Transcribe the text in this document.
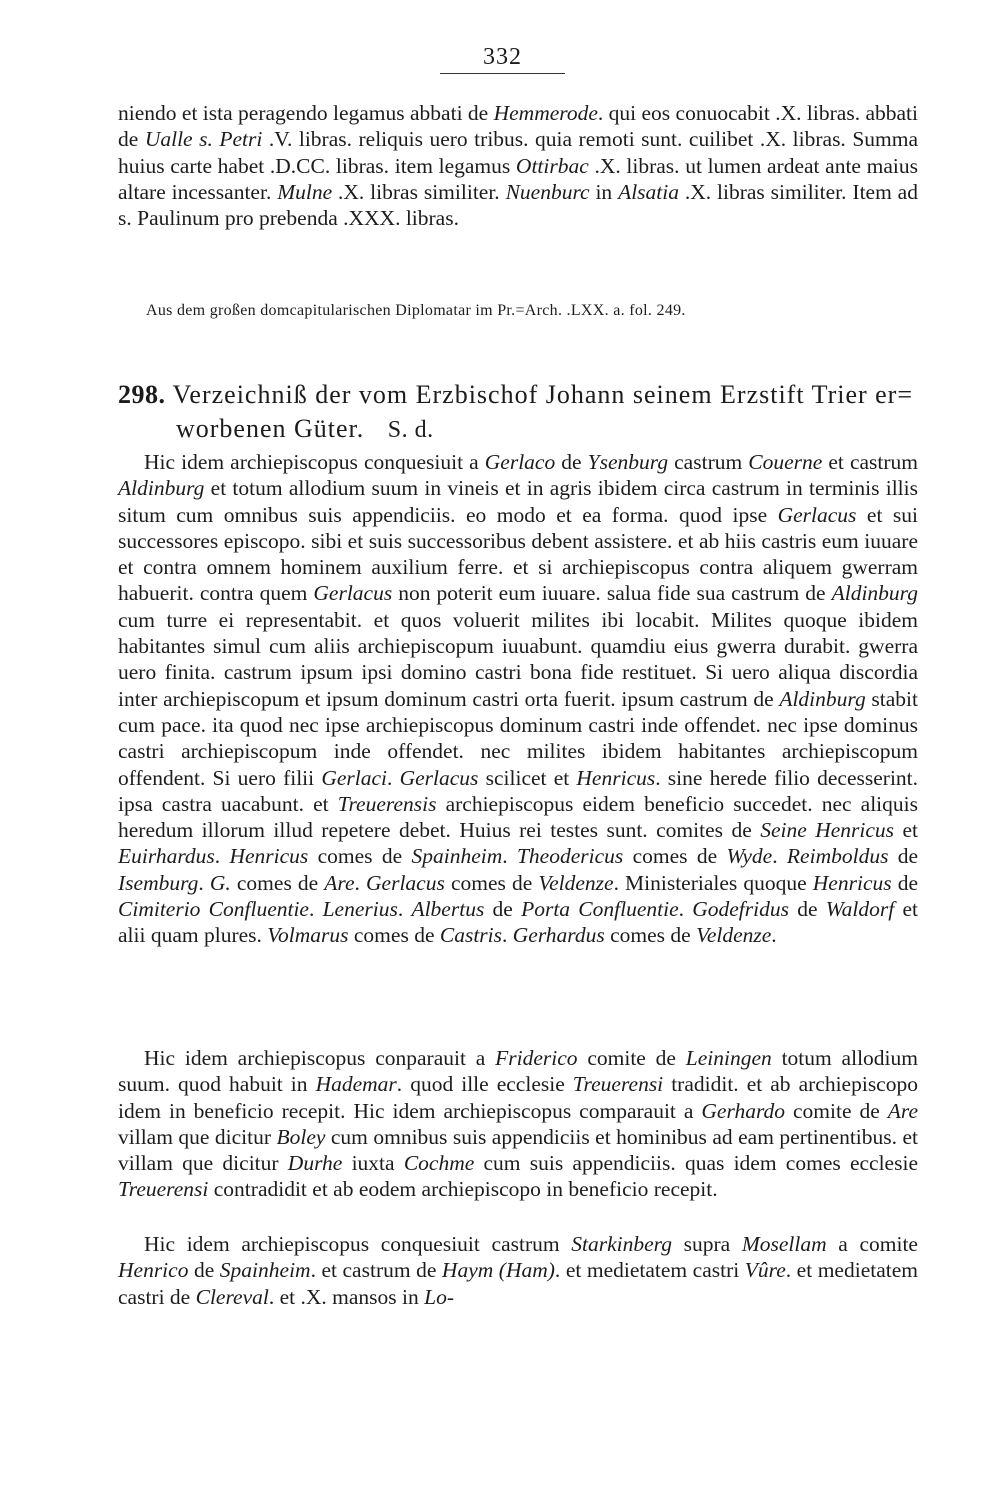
332

niendo et ista peragendo legamus abbati de Hemmerode. qui eos conuocabit .X. libras. abbati de Ualle s. Petri .V. libras. reliquis uero tribus. quia remoti sunt. cuilibet .X. libras. Summa huius carte habet .D.CC. libras. item legamus Ottirbac .X. libras. ut lumen ardeat ante maius altare incessanter. Mulne .X. libras similiter. Nuenburc in Alsatia .X. libras similiter. Item ad s. Paulinum pro prebenda .XXX. libras.

Aus dem großen domcapitularischen Diplomatar im Pr.=Arch. .LXX. a. fol. 249.
298. Verzeichniß der vom Erzbischof Johann seinem Erzstift Trier er=
worbenen Güter. S. d.

Hic idem archiepiscopus conquesiuit a Gerlaco de Ysenburg castrum Couerne et castrum Aldinburg et totum allodium suum in vineis et in agris ibidem circa castrum in terminis illis situm cum omnibus suis appendiciis. eo modo et ea forma. quod ipse Gerlacus et sui successores episcopo. sibi et suis successoribus debent assistere. et ab hiis castris eum iuuare et contra omnem hominem auxilium ferre. et si archiepiscopus contra aliquem gwerram habuerit. contra quem Gerlacus non poterit eum iuuare. salua fide sua castrum de Aldinburg cum turre ei representabit. et quos voluerit milites ibi locabit. Milites quoque ibidem habitantes simul cum aliis archiepiscopum iuuabunt. quamdiu eius gwerra durabit. gwerra uero finita. castrum ipsum ipsi domino castri bona fide restituet. Si uero aliqua discordia inter archiepiscopum et ipsum dominum castri orta fuerit. ipsum castrum de Aldinburg stabit cum pace. ita quod nec ipse archiepiscopus dominum castri inde offendet. nec ipse dominus castri archiepiscopum inde offendet. nec milites ibidem habitantes archiepiscopum offendent. Si uero filii Gerlaci. Gerlacus scilicet et Henricus. sine herede filio decesserint. ipsa castra uacabunt. et Treuerensis archiepiscopus eidem beneficio succedet. nec aliquis heredum illorum illud repetere debet. Huius rei testes sunt. comites de Seine Henricus et Euirhardus. Henricus comes de Spainheim. Theodericus comes de Wyde. Reimboldus de Isemburg. G. comes de Are. Gerlacus comes de Veldenze. Ministeriales quoque Henricus de Cimiterio Confluentie. Lenerius. Albertus de Porta Confluentie. Godefridus de Waldorf et alii quam plures. Volmarus comes de Castris. Gerhardus comes de Veldenze.

Hic idem archiepiscopus conparauit a Friderico comite de Leiningen totum allodium suum. quod habuit in Hademar. quod ille ecclesie Treuerensi tradidit. et ab archiepiscopo idem in beneficio recepit. Hic idem archiepiscopus comparauit a Gerhardo comite de Are villam que dicitur Boley cum omnibus suis appendiciis et hominibus ad eam pertinentibus. et villam que dicitur Durhe iuxta Cochme cum suis appendiciis. quas idem comes ecclesie Treuerensi contradidit et ab eodem archiepiscopo in beneficio recepit.

Hic idem archiepiscopus conquesiuit castrum Starkinberg supra Mosellam a comite Henrico de Spainheim. et castrum de Haym (Ham). et medietatem castri Vûre. et medietatem castri de Clereval. et .X. mansos in Lo-
